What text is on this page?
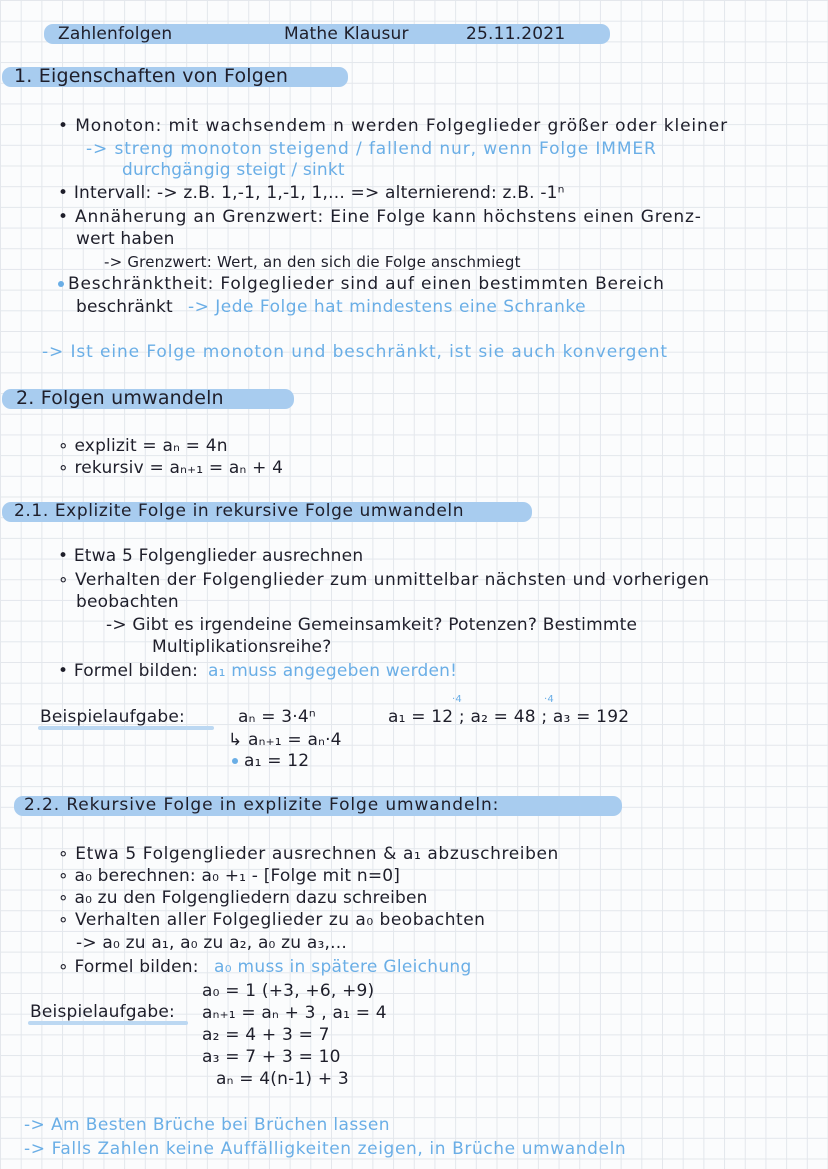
Zahlenfolgen	Mathe Klausur	25.11.2021
1. Eigenschaften von Folgen
• Monoton: mit wachsendem n werden Folgeglieder größer oder kleiner
-> streng monoton steigend / fallend nur, wenn Folge IMMER
durchgängig steigt / sinkt
• Intervall: -> z.B. 1,-1, 1,-1, 1,... => alternierend: z.B. -1ⁿ
• Annäherung an Grenzwert: Eine Folge kann höchstens einen Grenz-
wert haben
-> Grenzwert: Wert, an den sich die Folge anschmiegt
Beschränktheit: Folgeglieder sind auf einen bestimmten Bereich
beschränkt -> Jede Folge hat mindestens eine Schranke
-> Ist eine Folge monoton und beschränkt, ist sie auch konvergent
2. Folgen umwandeln
∘ explizit = aₙ = 4n
∘ rekursiv = aₙ₊₁ = aₙ + 4
2.1. Explizite Folge in rekursive Folge umwandeln
• Etwa 5 Folgenglieder ausrechnen
∘ Verhalten der Folgenglieder zum unmittelbar nächsten und vorherigen
beobachten
-> Gibt es irgendeine Gemeinsamkeit? Potenzen? Bestimmte
Multiplikationsreihe?
• Formel bilden: a₁ muss angegeben werden!
Beispielaufgabe:	aₙ = 3·4ⁿ
·4	·4
a₁ = 12 ; a₂ = 48 ; a₃ = 192
↳ aₙ₊₁ = aₙ·4
a₁ = 12
2.2. Rekursive Folge in explizite Folge umwandeln:
∘ Etwa 5 Folgenglieder ausrechnen & a₁ abzuschreiben
∘ a₀ berechnen: a₀ +₁ - [Folge mit n=0]
∘ a₀ zu den Folgengliedern dazu schreiben
∘ Verhalten aller Folgeglieder zu a₀ beobachten
-> a₀ zu a₁, a₀ zu a₂, a₀ zu a₃,...
∘ Formel bilden: a₀ muss in spätere Gleichung
a₀ = 1 (+3, +6, +9)
Beispielaufgabe: aₙ₊₁ = aₙ + 3 , a₁ = 4
a₂ = 4 + 3 = 7
a₃ = 7 + 3 = 10
aₙ = 4(n-1) + 3
-> Am Besten Brüche bei Brüchen lassen
-> Falls Zahlen keine Auffälligkeiten zeigen, in Brüche umwandeln
